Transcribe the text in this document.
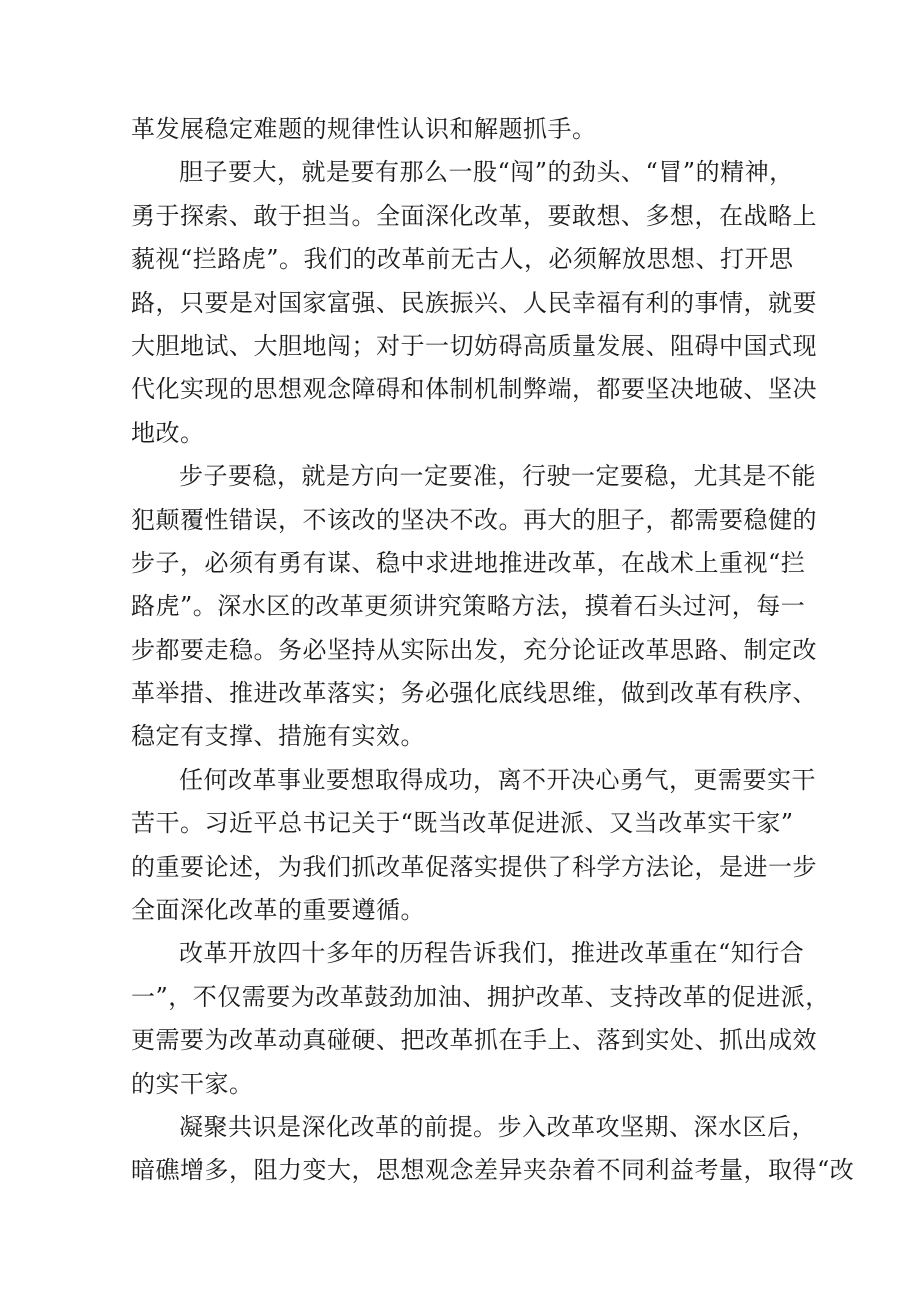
革发展稳定难题的规律性认识和解题抓手。
胆子要大，就是要有那么一股“闯”的劲头、“冒”的精神，
勇于探索、敢于担当。全面深化改革，要敢想、多想，在战略上
藐视“拦路虎”。我们的改革前无古人，必须解放思想、打开思
路，只要是对国家富强、民族振兴、人民幸福有利的事情，就要
大胆地试、大胆地闯；对于一切妨碍高质量发展、阻碍中国式现
代化实现的思想观念障碍和体制机制弊端，都要坚决地破、坚决
地改。
步子要稳，就是方向一定要准，行驶一定要稳，尤其是不能
犯颠覆性错误，不该改的坚决不改。再大的胆子，都需要稳健的
步子，必须有勇有谋、稳中求进地推进改革，在战术上重视“拦
路虎”。深水区的改革更须讲究策略方法，摸着石头过河，每一
步都要走稳。务必坚持从实际出发，充分论证改革思路、制定改
革举措、推进改革落实；务必强化底线思维，做到改革有秩序、
稳定有支撑、措施有实效。
任何改革事业要想取得成功，离不开决心勇气，更需要实干
苦干。习近平总书记关于“既当改革促进派、又当改革实干家”
的重要论述，为我们抓改革促落实提供了科学方法论，是进一步
全面深化改革的重要遵循。
改革开放四十多年的历程告诉我们，推进改革重在“知行合
一”，不仅需要为改革鼓劲加油、拥护改革、支持改革的促进派，
更需要为改革动真碰硬、把改革抓在手上、落到实处、抓出成效
的实干家。
凝聚共识是深化改革的前提。步入改革攻坚期、深水区后，
暗礁增多，阻力变大，思想观念差异夹杂着不同利益考量，取得“改
